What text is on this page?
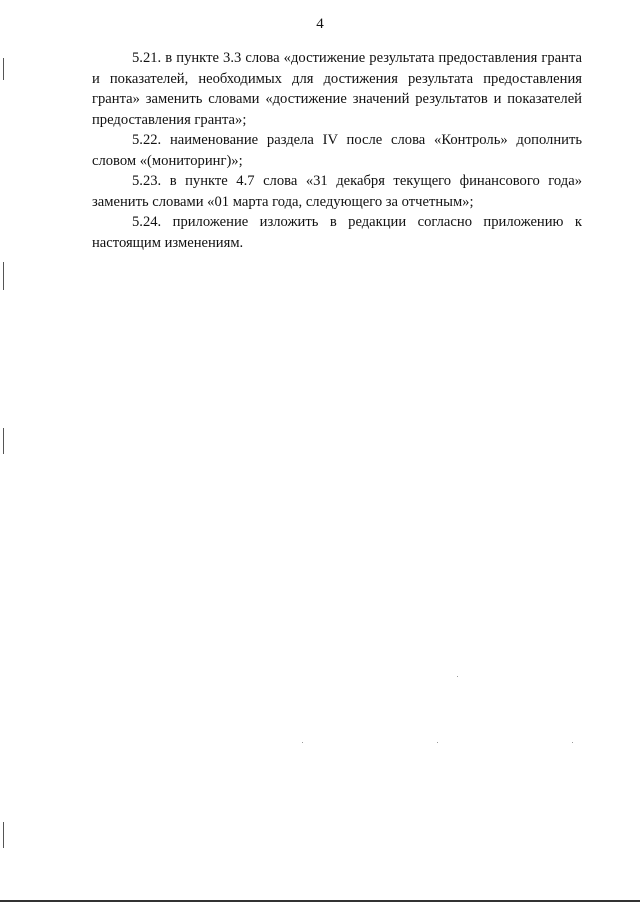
4

5.21. в пункте 3.3 слова «достижение результата предоставления гранта и показателей, необходимых для достижения результата предоставления гранта» заменить словами «достижение значений результатов и показателей предоставления гранта»;

5.22. наименование раздела IV после слова «Контроль» дополнить словом «(мониторинг)»;

5.23. в пункте 4.7 слова «31 декабря текущего финансового года» заменить словами «01 марта года, следующего за отчетным»;

5.24. приложение изложить в редакции согласно приложению к настоящим изменениям.
